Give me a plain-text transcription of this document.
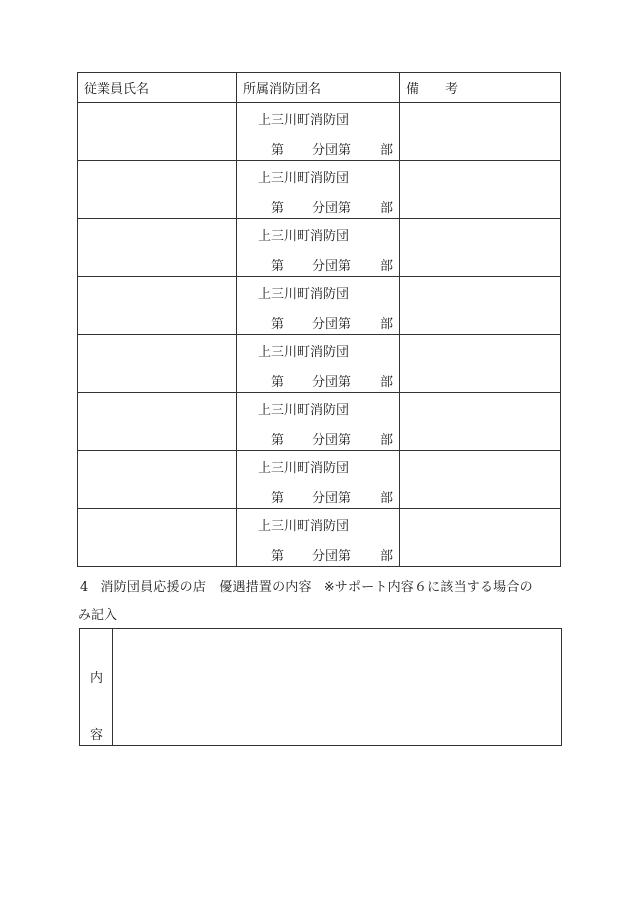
従業員氏名	所属消防団名	備 考

	上三川町消防団
第 分団第 部	

	上三川町消防団
第 分団第 部	

	上三川町消防団
第 分団第 部	

	上三川町消防団
第 分団第 部	

	上三川町消防団
第 分団第 部	

	上三川町消防団
第 分団第 部	

	上三川町消防団
第 分団第 部	

	上三川町消防団
第 分団第 部	

4 消防団員応援の店　優遇措置の内容 ※サポート内容６に該当する場合の
み記入
内
容
